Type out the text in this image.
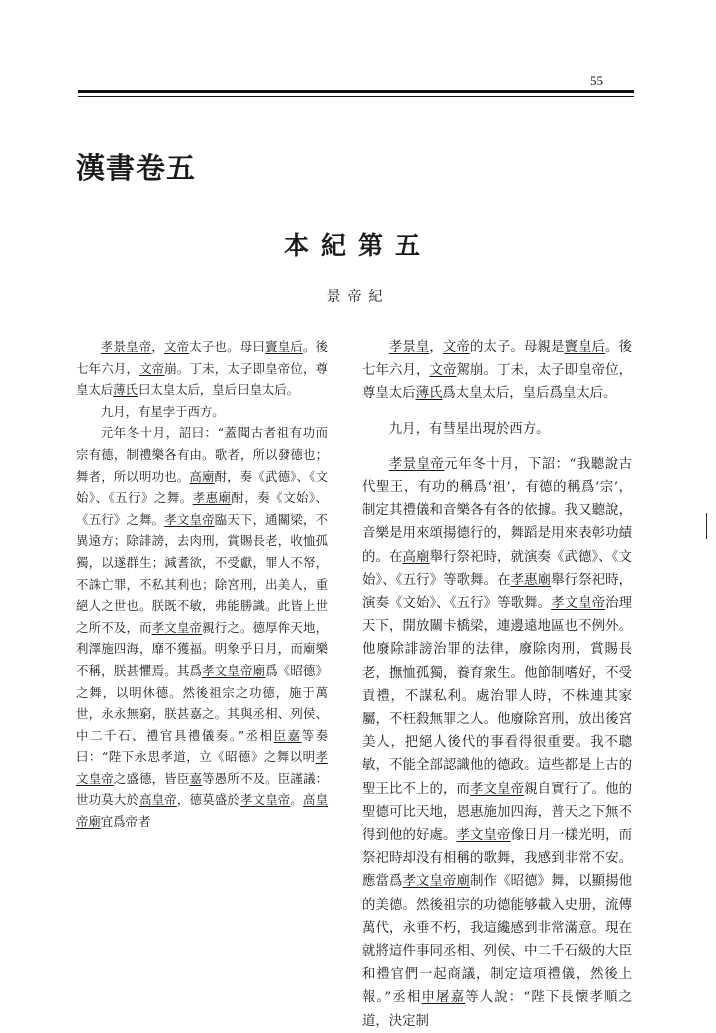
55
漢書卷五
本紀第五
景帝紀

孝景皇帝，文帝太子也。母曰竇皇后。後七年六月，文帝崩。丁未，太子即皇帝位，尊皇太后薄氏曰太皇太后，皇后曰皇太后。

九月，有星孛于西方。

元年冬十月，詔曰：“蓋聞古者祖有功而宗有德，制禮樂各有由。歌者，所以發德也；舞者，所以明功也。高廟酎，奏《武德》、《文始》、《五行》之舞。孝惠廟酎，奏《文始》、《五行》之舞。孝文皇帝臨天下，通關梁，不異遠方；除誹謗，去肉刑，賞賜長老，收恤孤獨，以遂群生；減耆欲，不受獻，罪人不帑，不誅亡罪，不私其利也；除宮刑，出美人，重絕人之世也。朕既不敏，弗能勝識。此皆上世之所不及，而孝文皇帝親行之。德厚侔天地，利澤施四海，靡不獲福。明象乎日月，而廟樂不稱，朕甚懼焉。其爲孝文皇帝廟爲《昭德》之舞，以明休德。然後祖宗之功德，施于萬世，永永無窮，朕甚嘉之。其與丞相、列侯、中二千石、禮官具禮儀奏。”丞相臣嘉等奏曰：“陛下永思孝道，立《昭德》之舞以明孝文皇帝之盛德，皆臣嘉等愚所不及。臣謹議：世功莫大於高皇帝，德莫盛於孝文皇帝。高皇帝廟宜爲帝者

孝景皇，文帝的太子。母親是竇皇后。後七年六月，文帝駕崩。丁未，太子即皇帝位，尊皇太后薄氏爲太皇太后，皇后爲皇太后。

九月，有彗星出現於西方。

孝景皇帝元年冬十月，下詔：“我聽說古代聖王，有功的稱爲‘祖’，有德的稱爲‘宗’，制定其禮儀和音樂各有各的依據。我又聽說，音樂是用來頌揚德行的，舞蹈是用來表彰功績的。在高廟舉行祭祀時，就演奏《武德》、《文始》、《五行》等歌舞。在孝惠廟舉行祭祀時，演奏《文始》、《五行》等歌舞。孝文皇帝治理天下，開放關卡橋梁，連邊遠地區也不例外。他廢除誹謗治罪的法律，廢除肉刑，賞賜長老，撫恤孤獨，養育衆生。他節制嗜好，不受貢禮，不謀私利。處治罪人時，不株連其家屬，不枉殺無罪之人。他廢除宮刑，放出後宮美人，把絕人後代的事看得很重要。我不聰敏，不能全部認識他的德政。這些都是上古的聖王比不上的，而孝文皇帝親自實行了。他的聖德可比天地，恩惠施加四海，普天之下無不得到他的好處。孝文皇帝像日月一樣光明，而祭祀時却没有相稱的歌舞，我感到非常不安。應當爲孝文皇帝廟制作《昭德》舞，以顯揚他的美德。然後祖宗的功德能够載入史册，流傳萬代，永垂不朽，我這纔感到非常滿意。現在就將這件事同丞相、列侯、中二千石級的大臣和禮官們一起商議，制定這項禮儀，然後上報。”丞相申屠嘉等人說：“陛下長懷孝順之道，決定制
